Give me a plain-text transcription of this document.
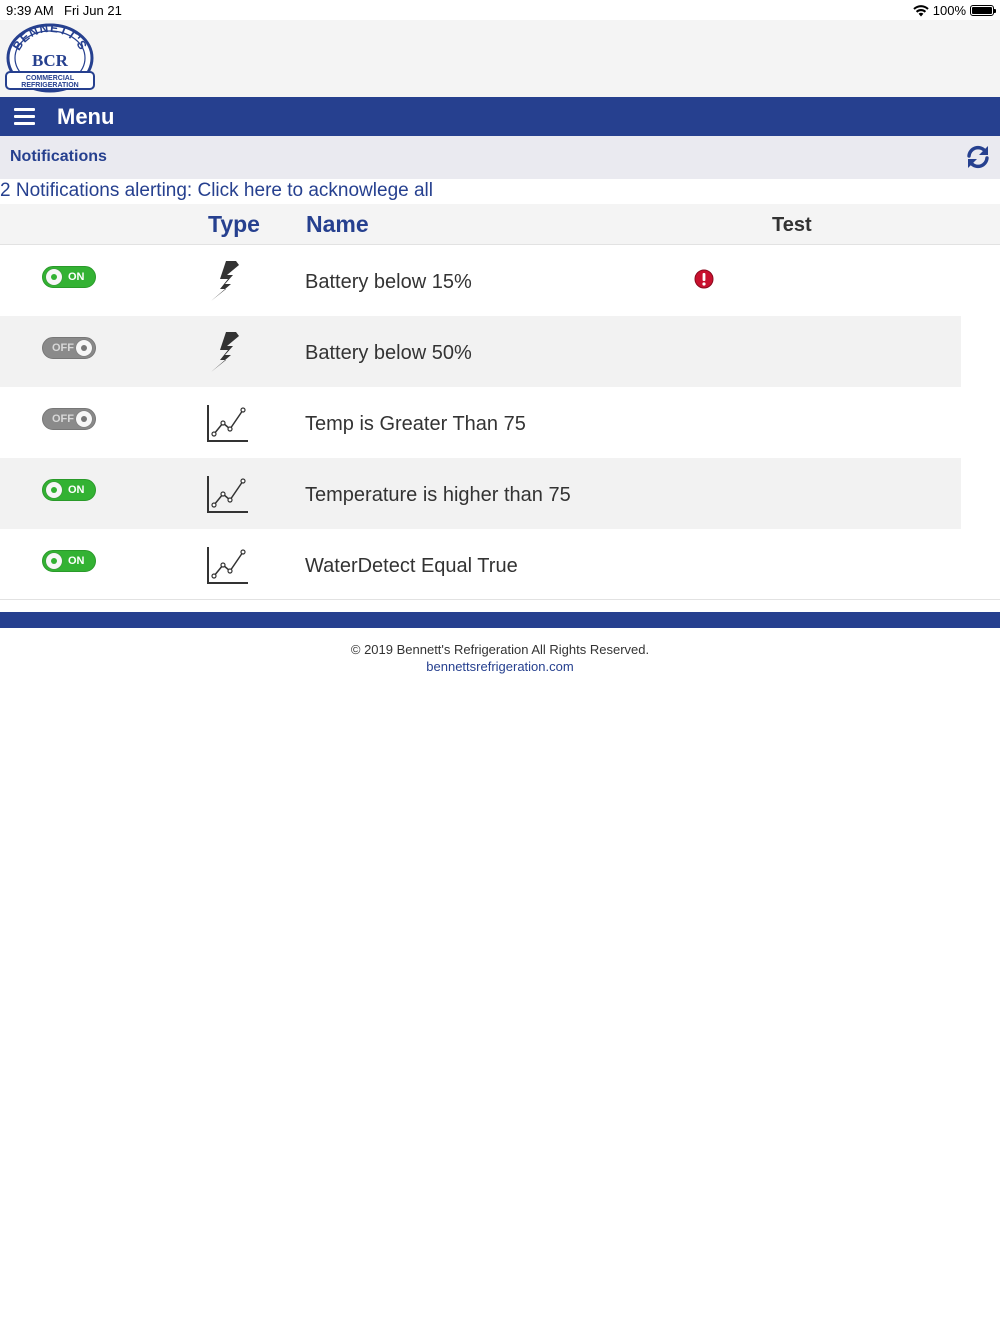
9:39 AM Fri Jun 21	100%
BENNETT'S
BCR
COMMERCIAL
REFRIGERATION
Menu
Notifications
2 Notifications alerting: Click here to acknowlege all
Type Name	Test
ON	Battery below 15%
OFF	Battery below 50%
OFF	Temp is Greater Than 75
ON	Temperature is higher than 75
ON	WaterDetect Equal True
© 2019 Bennett's Refrigeration All Rights Reserved.
bennettsrefrigeration.com
